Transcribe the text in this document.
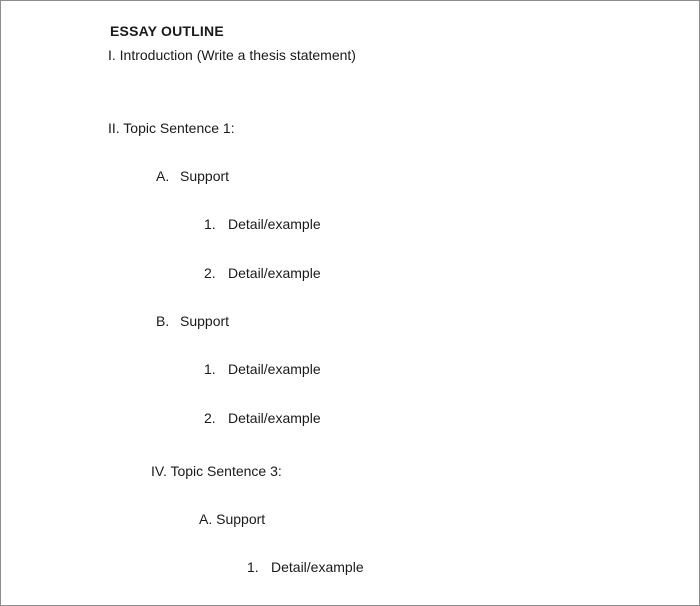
ESSAY OUTLINE
I. Introduction (Write a thesis statement)
II. Topic Sentence 1:
A. Support
1. Detail/example
2. Detail/example
B. Support
1. Detail/example
2. Detail/example
IV. Topic Sentence 3:
A. Support
1. Detail/example
